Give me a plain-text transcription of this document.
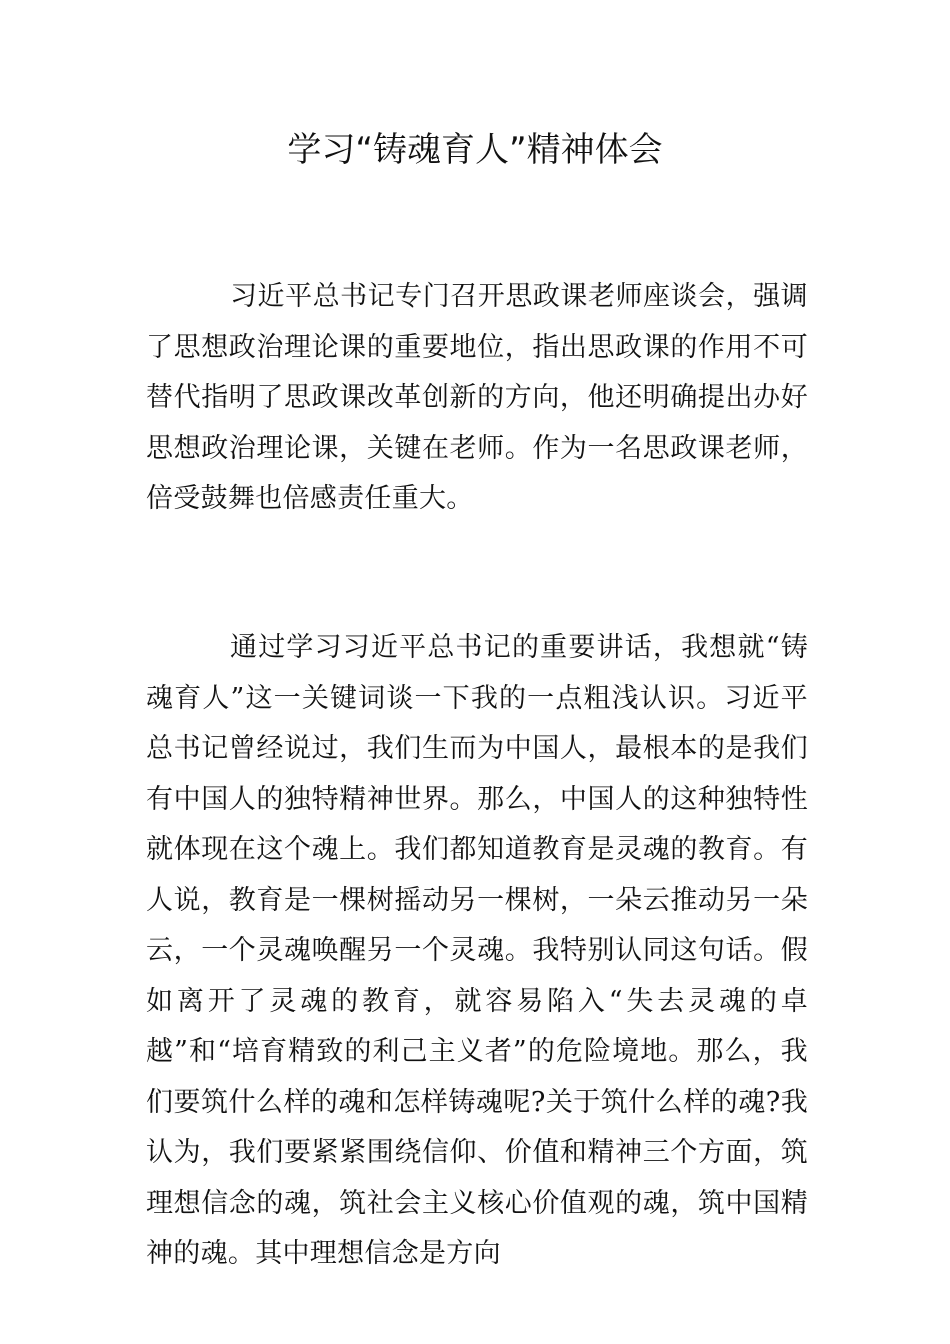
学习“铸魂育人”精神体会

习近平总书记专门召开思政课老师座谈会，强调了思想政治理论课的重要地位，指出思政课的作用不可替代指明了思政课改革创新的方向，他还明确提出办好思想政治理论课，关键在老师。作为一名思政课老师，倍受鼓舞也倍感责任重大。

通过学习习近平总书记的重要讲话，我想就“铸魂育人”这一关键词谈一下我的一点粗浅认识。习近平总书记曾经说过，我们生而为中国人，最根本的是我们有中国人的独特精神世界。那么，中国人的这种独特性就体现在这个魂上。我们都知道教育是灵魂的教育。有人说，教育是一棵树摇动另一棵树，一朵云推动另一朵云，一个灵魂唤醒另一个灵魂。我特别认同这句话。假如离开了灵魂的教育，就容易陷入“失去灵魂的卓越”和“培育精致的利己主义者”的危险境地。那么，我们要筑什么样的魂和怎样铸魂呢?关于筑什么样的魂?我认为，我们要紧紧围绕信仰、价值和精神三个方面，筑理想信念的魂，筑社会主义核心价值观的魂，筑中国精神的魂。其中理想信念是方向
